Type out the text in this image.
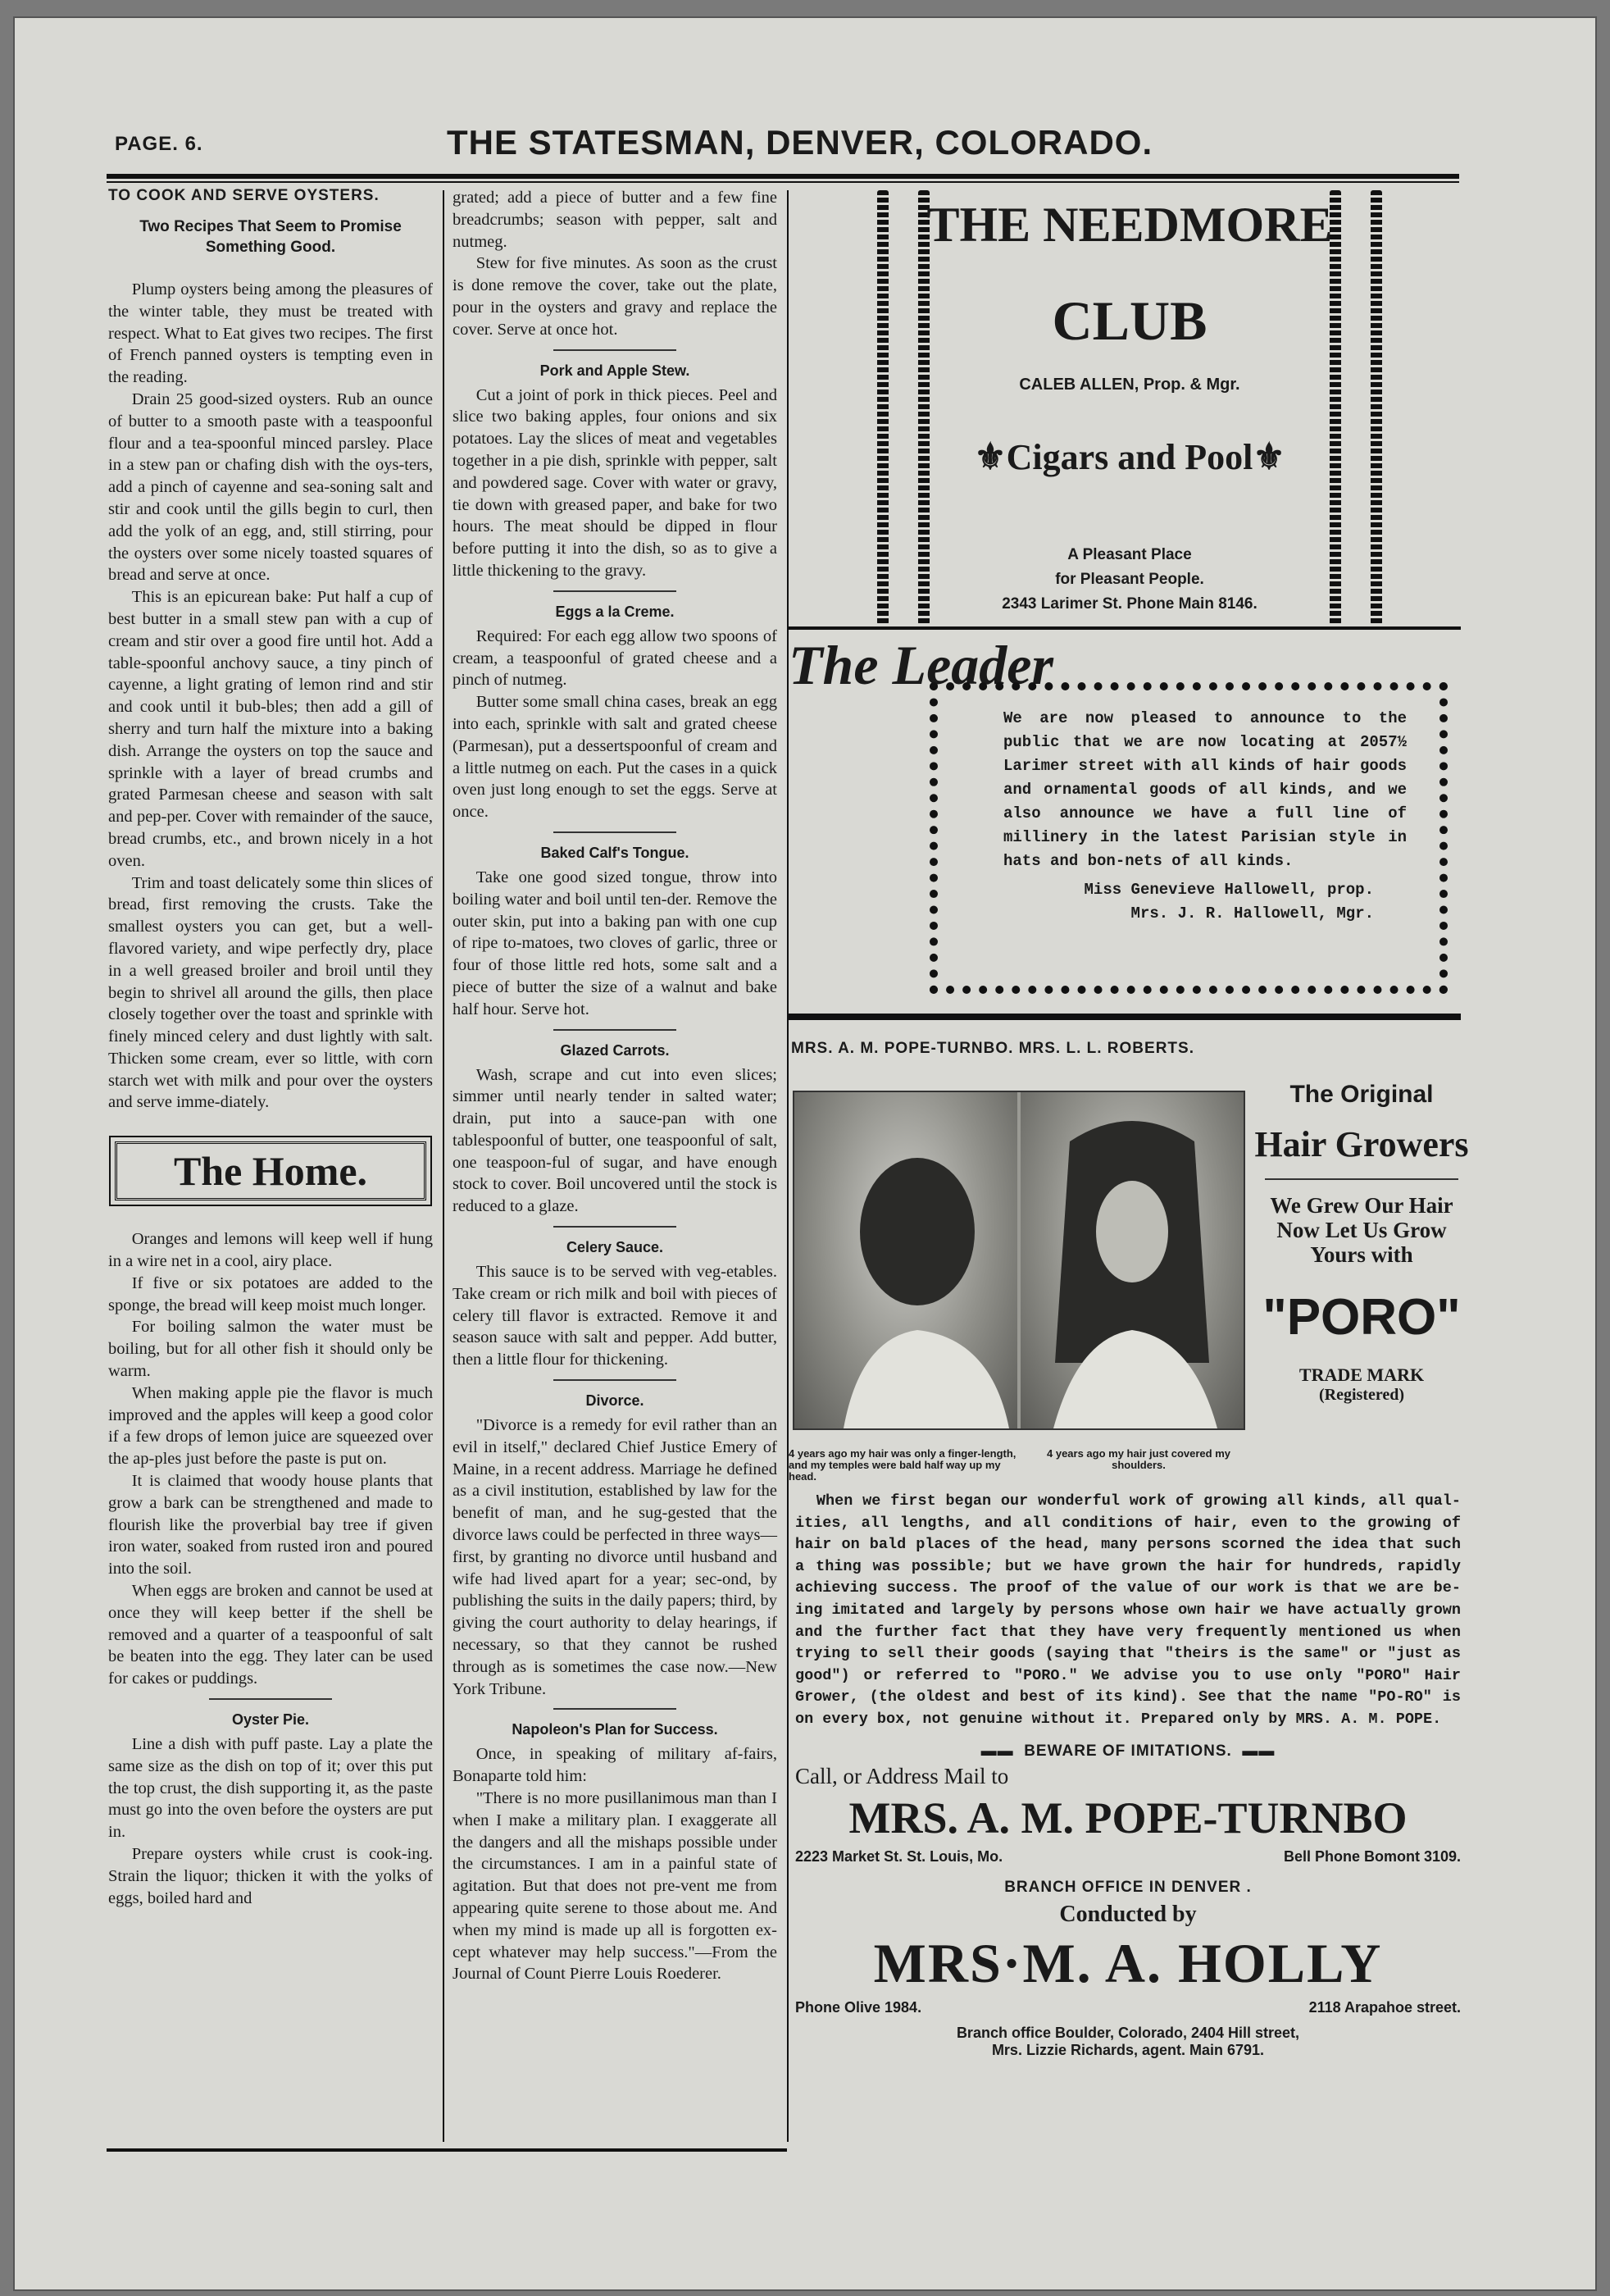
PAGE. 6.	THE STATESMAN, DENVER, COLORADO.
TO COOK AND SERVE OYSTERS.
Two Recipes That Seem to Promise Something Good.

Plump oysters being among the pleasures of the winter table, they must be treated with respect. What to Eat gives two recipes. The first of French panned oysters is tempting even in the reading.

Drain 25 good-sized oysters. Rub an ounce of butter to a smooth paste with a teaspoonful flour and a tea-spoonful minced parsley. Place in a stew pan or chafing dish with the oys-ters, add a pinch of cayenne and sea-soning salt and stir and cook until the gills begin to curl, then add the yolk of an egg, and, still stirring, pour the oysters over some nicely toasted squares of bread and serve at once.

This is an epicurean bake: Put half a cup of best butter in a small stew pan with a cup of cream and stir over a good fire until hot. Add a table-spoonful anchovy sauce, a tiny pinch of cayenne, a light grating of lemon rind and stir and cook until it bub-bles; then add a gill of sherry and turn half the mixture into a baking dish. Arrange the oysters on top the sauce and sprinkle with a layer of bread crumbs and grated Parmesan cheese and season with salt and pep-per. Cover with remainder of the sauce, bread crumbs, etc., and brown nicely in a hot oven.

Trim and toast delicately some thin slices of bread, first removing the crusts. Take the smallest oysters you can get, but a well-flavored variety, and wipe perfectly dry, place in a well greased broiler and broil until they begin to shrivel all around the gills, then place closely together over the toast and sprinkle with finely minced celery and dust lightly with salt. Thicken some cream, ever so little, with corn starch wet with milk and pour over the oysters and serve imme-diately.

The Home.

Oranges and lemons will keep well if hung in a wire net in a cool, airy place.

If five or six potatoes are added to the sponge, the bread will keep moist much longer.

For boiling salmon the water must be boiling, but for all other fish it should only be warm.

When making apple pie the flavor is much improved and the apples will keep a good color if a few drops of lemon juice are squeezed over the ap-ples just before the paste is put on.

It is claimed that woody house plants that grow a bark can be strengthened and made to flourish like the proverbial bay tree if given iron water, soaked from rusted iron and poured into the soil.

When eggs are broken and cannot be used at once they will keep better if the shell be removed and a quarter of a teaspoonful of salt be beaten into the egg. They later can be used for cakes or puddings.

Oyster Pie.

Line a dish with puff paste. Lay a plate the same size as the dish on top of it; over this put the top crust, the dish supporting it, as the paste must go into the oven before the oysters are put in.

Prepare oysters while crust is cook-ing. Strain the liquor; thicken it with the yolks of eggs, boiled hard and

grated; add a piece of butter and a few fine breadcrumbs; season with pepper, salt and nutmeg.

Stew for five minutes. As soon as the crust is done remove the cover, take out the plate, pour in the oysters and gravy and replace the cover. Serve at once hot.

Pork and Apple Stew.

Cut a joint of pork in thick pieces. Peel and slice two baking apples, four onions and six potatoes. Lay the slices of meat and vegetables together in a pie dish, sprinkle with pepper, salt and powdered sage. Cover with water or gravy, tie down with greased paper, and bake for two hours. The meat should be dipped in flour before putting it into the dish, so as to give a little thickening to the gravy.

Eggs a la Creme.

Required: For each egg allow two spoons of cream, a teaspoonful of grated cheese and a pinch of nutmeg.

Butter some small china cases, break an egg into each, sprinkle with salt and grated cheese (Parmesan), put a dessertspoonful of cream and a little nutmeg on each. Put the cases in a quick oven just long enough to set the eggs. Serve at once.

Baked Calf's Tongue.

Take one good sized tongue, throw into boiling water and boil until ten-der. Remove the outer skin, put into a baking pan with one cup of ripe to-matoes, two cloves of garlic, three or four of those little red hots, some salt and a piece of butter the size of a walnut and bake half hour. Serve hot.

Glazed Carrots.

Wash, scrape and cut into even slices; simmer until nearly tender in salted water; drain, put into a sauce-pan with one tablespoonful of butter, one teaspoonful of salt, one teaspoon-ful of sugar, and have enough stock to cover. Boil uncovered until the stock is reduced to a glaze.

Celery Sauce.

This sauce is to be served with veg-etables. Take cream or rich milk and boil with pieces of celery till flavor is extracted. Remove it and season sauce with salt and pepper. Add butter, then a little flour for thickening.

Divorce.

"Divorce is a remedy for evil rather than an evil in itself," declared Chief Justice Emery of Maine, in a recent address. Marriage he defined as a civil institution, established by law for the benefit of man, and he sug-gested that the divorce laws could be perfected in three ways—first, by granting no divorce until husband and wife had lived apart for a year; sec-ond, by publishing the suits in the daily papers; third, by giving the court authority to delay hearings, if necessary, so that they cannot be rushed through as is sometimes the case now.—New York Tribune.

Napoleon's Plan for Success.

Once, in speaking of military af-fairs, Bonaparte told him:

"There is no more pusillanimous man than I when I make a military plan. I exaggerate all the dangers and all the mishaps possible under the circumstances. I am in a painful state of agitation. But that does not pre-vent me from appearing quite serene to those about me. And when my mind is made up all is forgotten ex-cept whatever may help success."—From the Journal of Count Pierre Louis Roederer.

THE NEEDMORE
CLUB
CALEB ALLEN, Prop. & Mgr.
⚜Cigars and Pool⚜
A Pleasant Place
for Pleasant People.
2343 Larimer St. Phone Main 8146.
The Leader
We are now pleased to announce to the public that we are now locating at 2057½ Larimer street with all kinds of hair goods and ornamental goods of all kinds, and we also announce we have a full line of millinery in the latest Parisian style in hats and bon-nets of all kinds.
Miss Genevieve Hallowell, prop.
Mrs. J. R. Hallowell, Mgr.
MRS. A. M. POPE-TURNBO. MRS. L. L. ROBERTS.
4 years ago my hair was only a finger-length, and my temples were bald half way up my head.
4 years ago my hair just covered my shoulders.
The Original
Hair Growers
We Grew Our Hair Now Let Us Grow Yours with
"PORO"
TRADE MARK
(Registered)
When we first began our wonderful work of growing all kinds, all qual-ities, all lengths, and all conditions of hair, even to the growing of hair on bald places of the head, many persons scorned the idea that such a thing was possible; but we have grown the hair for hundreds, rapidly achieving success. The proof of the value of our work is that we are be-ing imitated and largely by persons whose own hair we have actually grown and the further fact that they have very frequently mentioned us when trying to sell their goods (saying that "theirs is the same" or "just as good") or referred to "PORO." We advise you to use only "PORO" Hair Grower, (the oldest and best of its kind). See that the name "PO-RO" is on every box, not genuine without it. Prepared only by MRS. A. M. POPE.
▬▬ BEWARE OF IMITATIONS. ▬▬
Call, or Address Mail to
MRS. A. M. POPE-TURNBO
2223 Market St. St. Louis, Mo.	Bell Phone Bomont 3109.
BRANCH OFFICE IN DENVER .
Conducted by
MRS·M. A. HOLLY
Phone Olive 1984.	2118 Arapahoe street.
Branch office Boulder, Colorado, 2404 Hill street,
Mrs. Lizzie Richards, agent. Main 6791.
